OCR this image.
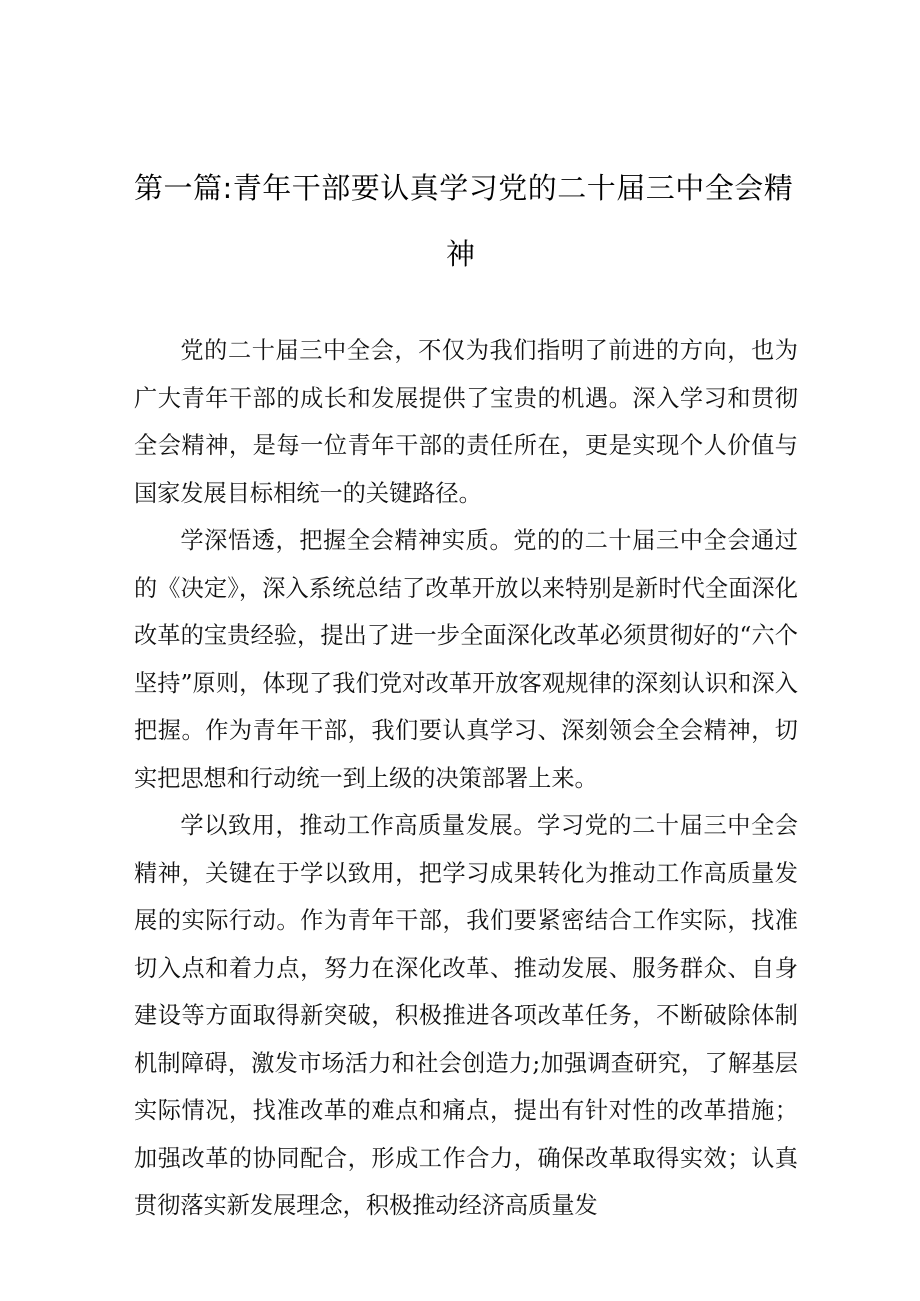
第一篇:青年干部要认真学习党的二十届三中全会精
神

党的二十届三中全会，不仅为我们指明了前进的方向，也为广大青年干部的成长和发展提供了宝贵的机遇。深入学习和贯彻全会精神，是每一位青年干部的责任所在，更是实现个人价值与国家发展目标相统一的关键路径。

学深悟透，把握全会精神实质。党的的二十届三中全会通过的《决定》，深入系统总结了改革开放以来特别是新时代全面深化改革的宝贵经验，提出了进一步全面深化改革必须贯彻好的“六个坚持”原则，体现了我们党对改革开放客观规律的深刻认识和深入把握。作为青年干部，我们要认真学习、深刻领会全会精神，切实把思想和行动统一到上级的决策部署上来。

学以致用，推动工作高质量发展。学习党的二十届三中全会精神，关键在于学以致用，把学习成果转化为推动工作高质量发展的实际行动。作为青年干部，我们要紧密结合工作实际，找准切入点和着力点，努力在深化改革、推动发展、服务群众、自身建设等方面取得新突破，积极推进各项改革任务，不断破除体制机制障碍，激发市场活力和社会创造力;加强调查研究，了解基层实际情况，找准改革的难点和痛点，提出有针对性的改革措施；加强改革的协同配合，形成工作合力，确保改革取得实效；认真贯彻落实新发展理念，积极推动经济高质量发
